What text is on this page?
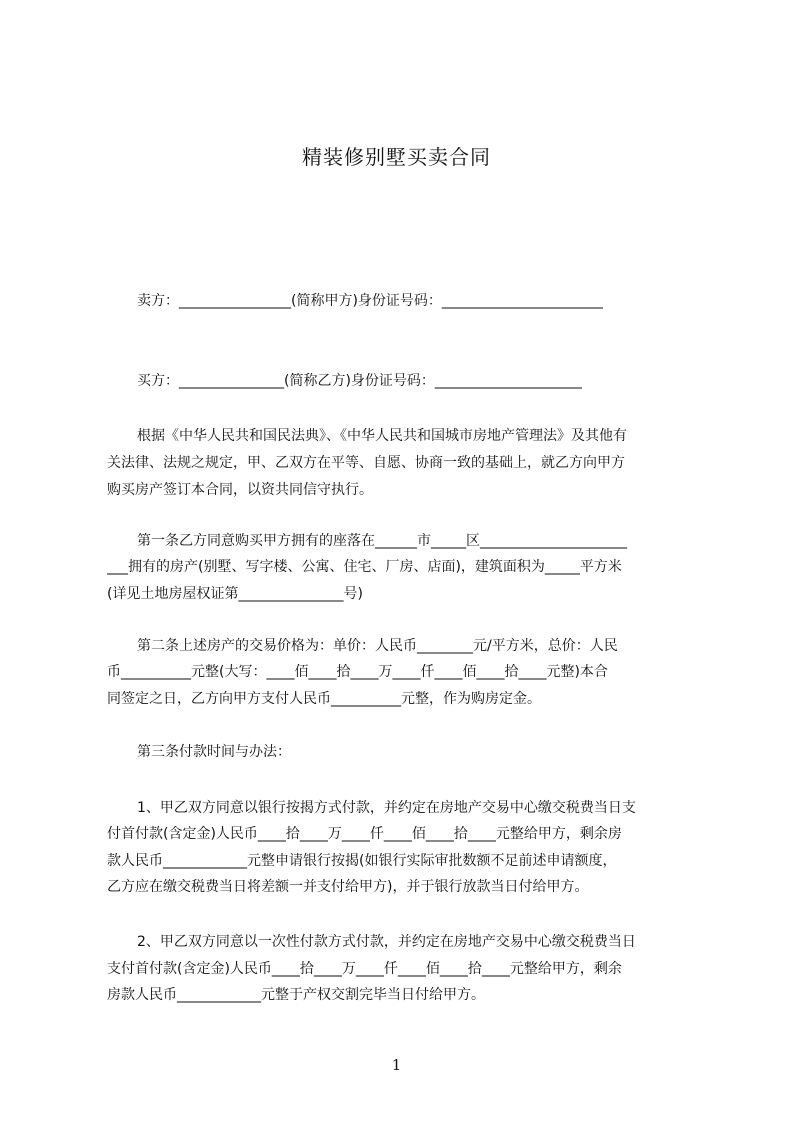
精装修别墅买卖合同
卖方：________________(简称甲方)身份证号码：_______________________
买方：_______________(简称乙方)身份证号码：_____________________
根据《中华人民共和国民法典》、《中华人民共和国城市房地产管理法》及其他有
关法律、法规之规定，甲、乙双方在平等、自愿、协商一致的基础上，就乙方向甲方
购买房产签订本合同，以资共同信守执行。
第一条乙方同意购买甲方拥有的座落在______市_____区_____________________
___拥有的房产(别墅、写字楼、公寓、住宅、厂房、店面)，建筑面积为_____平方米
(详见土地房屋权证第_______________号)
第二条上述房产的交易价格为：单价：人民币________元/平方米，总价：人民
币__________元整(大写：____佰____拾____万____仟____佰____拾____元整)本合
同签定之日，乙方向甲方支付人民币__________元整，作为购房定金。
第三条付款时间与办法：
1、甲乙双方同意以银行按揭方式付款，并约定在房地产交易中心缴交税费当日支
付首付款(含定金)人民币____拾____万____仟____佰____拾____元整给甲方，剩余房
款人民币____________元整申请银行按揭(如银行实际审批数额不足前述申请额度，
乙方应在缴交税费当日将差额一并支付给甲方)，并于银行放款当日付给甲方。
2、甲乙双方同意以一次性付款方式付款，并约定在房地产交易中心缴交税费当日
支付首付款(含定金)人民币____拾____万____仟____佰____拾____元整给甲方，剩余
房款人民币____________元整于产权交割完毕当日付给甲方。
1
